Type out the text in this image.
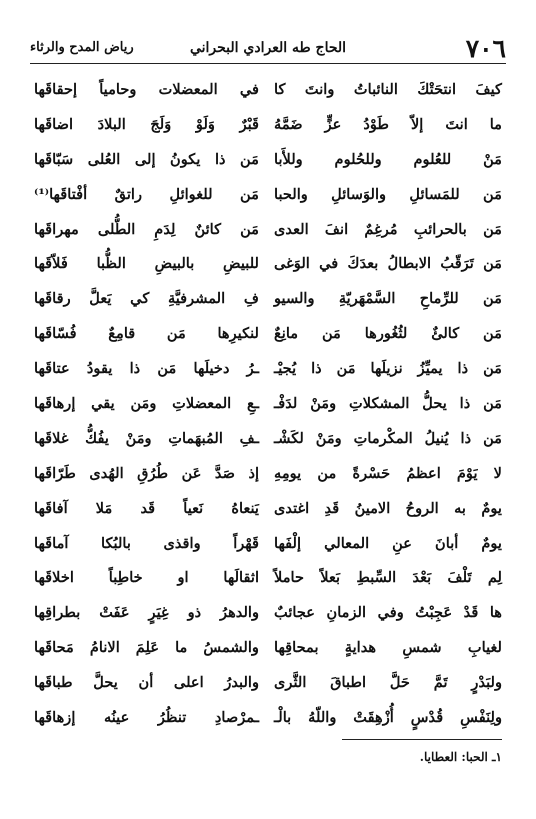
٧٠٦
الحاج طه العرادي البحراني
رياض المدح والرثاء
كيفَ انتحَتْكَ النائباتُ وانتَ كا
في المعضلات وحامياً إحقاقَها
ما انتَ إلاّ طَوْدُ عزٍّ ضَمَّهُ
قَبْرٌ وَلَوْ وَلَجَ البلادَ اضاقَها
مَنْ للعُلوم وللحُلوم وللأَبا
مَن ذا يكونُ إلى العُلى سَبّاقَها
مَن للمَسائلِ والوَسائلِ والحبا
مَن للغوائلِ راتقٌ أفْتاقَها⁽¹⁾
مَن بالحرائبِ مُرغِمٌ انفَ العدى
مَن كائنٌ لِدَمِ الطُّلى مهراقَها
مَن تَرَقّبُ الابطالُ بعدَكَ في الوَغى
للبيضِ بالبيضِ الظُّبا فَلاّقَها
مَن للرِّماحِ السَّمْهَريّةِ والسيو
فِ المشرفيَّةِ كي يَعلَّ رقاقَها
مَن كالئٌ لثُغُورها مَن مانِعٌ
لنكيرِها مَن قامِعٌ فُسّاقَها
مَن ذا يميِّزُ نزيلَها مَن ذا يُجيْـ
ـرُ دخيلَها مَن ذا يقودُ عتاقَها
مَن ذا يحلُّ المشكلاتِ ومَنْ لدَفْـ
ـعِ المعضلاتِ ومَن يقي إرهاقَها
مَن ذا يُنيلُ المكْرماتِ ومَنْ لكَشْـ
ـفِ المُبهَماتِ ومَنْ يفُكُّ غلاقَها
لا يَوْمَ اعظمُ حَسْرةً من يومِهِ
إذ صَدَّ عَن طُرُقِ الهُدى طَرّاقَها
يومٌ به الروحُ الامينُ قَدِ اغتدى
يَنعاهُ نَعياً قَد مَلا آفاقَها
يومٌ أبانَ عنِ المعالي إلْفَها
قَهْراً واقذى بالبُكا آماقَها
لِم تَلْفَ بَعْدَ السِّبطِ بَعلاً حاملاً
اثقالَها او خاطِباً اخلاقَها
ها قَدْ عَجِبْتُ وفي الزمانِ عجائبٌ
والدهرُ ذو غِيَرٍ عَفَتْ بطراقِها
لغيابِ شمسِ هدايةٍ بمحاقِها
والشمسُ ما عَلِمَ الانامُ مَحاقَها
ولبَدْرٍ تَمَّ حَلَّ اطباقَ الثَّرى
والبدرُ اعلى أن يحلَّ طباقَها
ولِنَفْسِ قُدْسٍ أُزْهِقَتْ واللّهُ بالْـ
ـمرْصادِ تنظُرُ عينُه إزهاقَها
١ـ الحبا: العطايا.
